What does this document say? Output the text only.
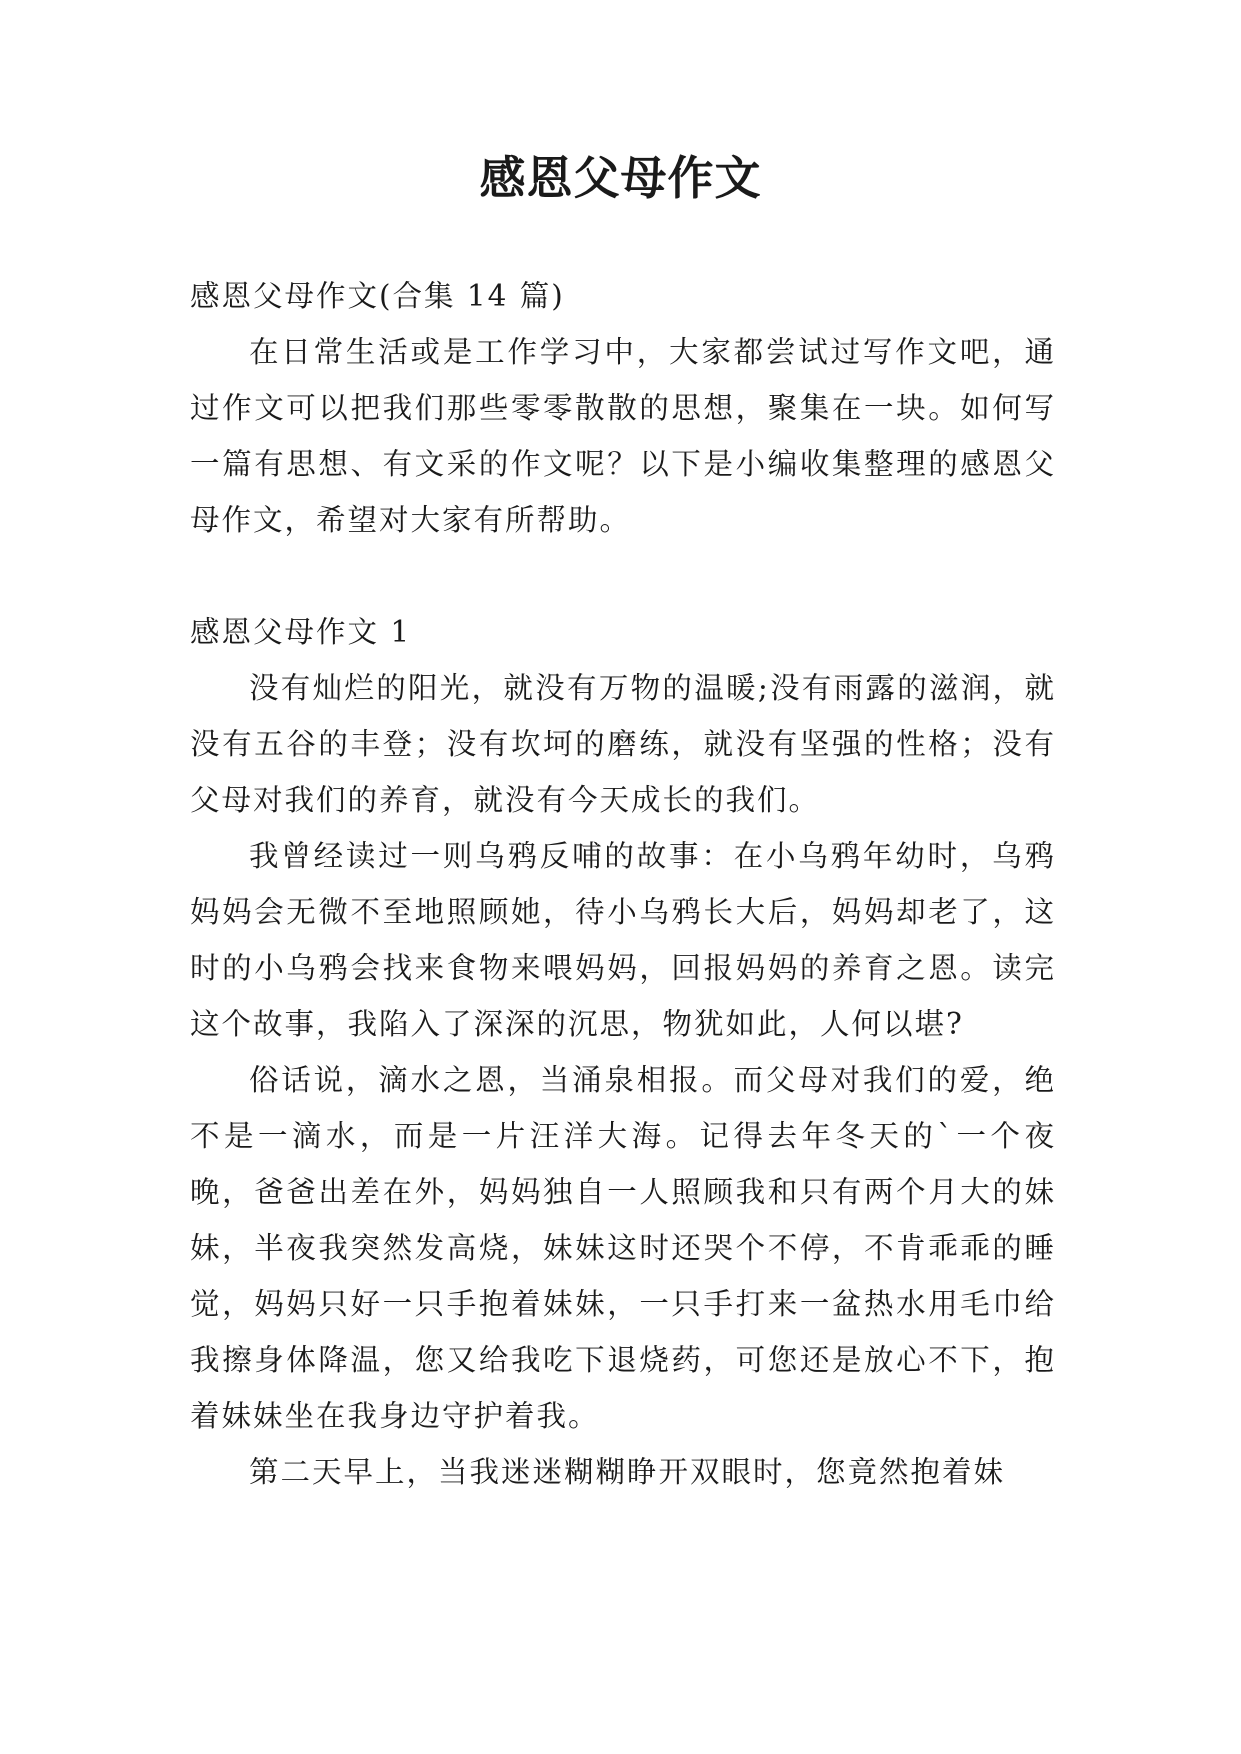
感恩父母作文

感恩父母作文(合集 14 篇)

在日常生活或是工作学习中，大家都尝试过写作文吧，通过作文可以把我们那些零零散散的思想，聚集在一块。如何写一篇有思想、有文采的作文呢？以下是小编收集整理的感恩父母作文，希望对大家有所帮助。

感恩父母作文 1

没有灿烂的阳光，就没有万物的温暖;没有雨露的滋润，就没有五谷的丰登；没有坎坷的磨练，就没有坚强的性格；没有父母对我们的养育，就没有今天成长的我们。

我曾经读过一则乌鸦反哺的故事：在小乌鸦年幼时，乌鸦妈妈会无微不至地照顾她，待小乌鸦长大后，妈妈却老了，这时的小乌鸦会找来食物来喂妈妈，回报妈妈的养育之恩。读完这个故事，我陷入了深深的沉思，物犹如此，人何以堪?

俗话说，滴水之恩，当涌泉相报。而父母对我们的爱，绝不是一滴水，而是一片汪洋大海。记得去年冬天的`一个夜晚，爸爸出差在外，妈妈独自一人照顾我和只有两个月大的妹妹，半夜我突然发高烧，妹妹这时还哭个不停，不肯乖乖的睡觉，妈妈只好一只手抱着妹妹，一只手打来一盆热水用毛巾给我擦身体降温，您又给我吃下退烧药，可您还是放心不下，抱着妹妹坐在我身边守护着我。

第二天早上，当我迷迷糊糊睁开双眼时，您竟然抱着妹
